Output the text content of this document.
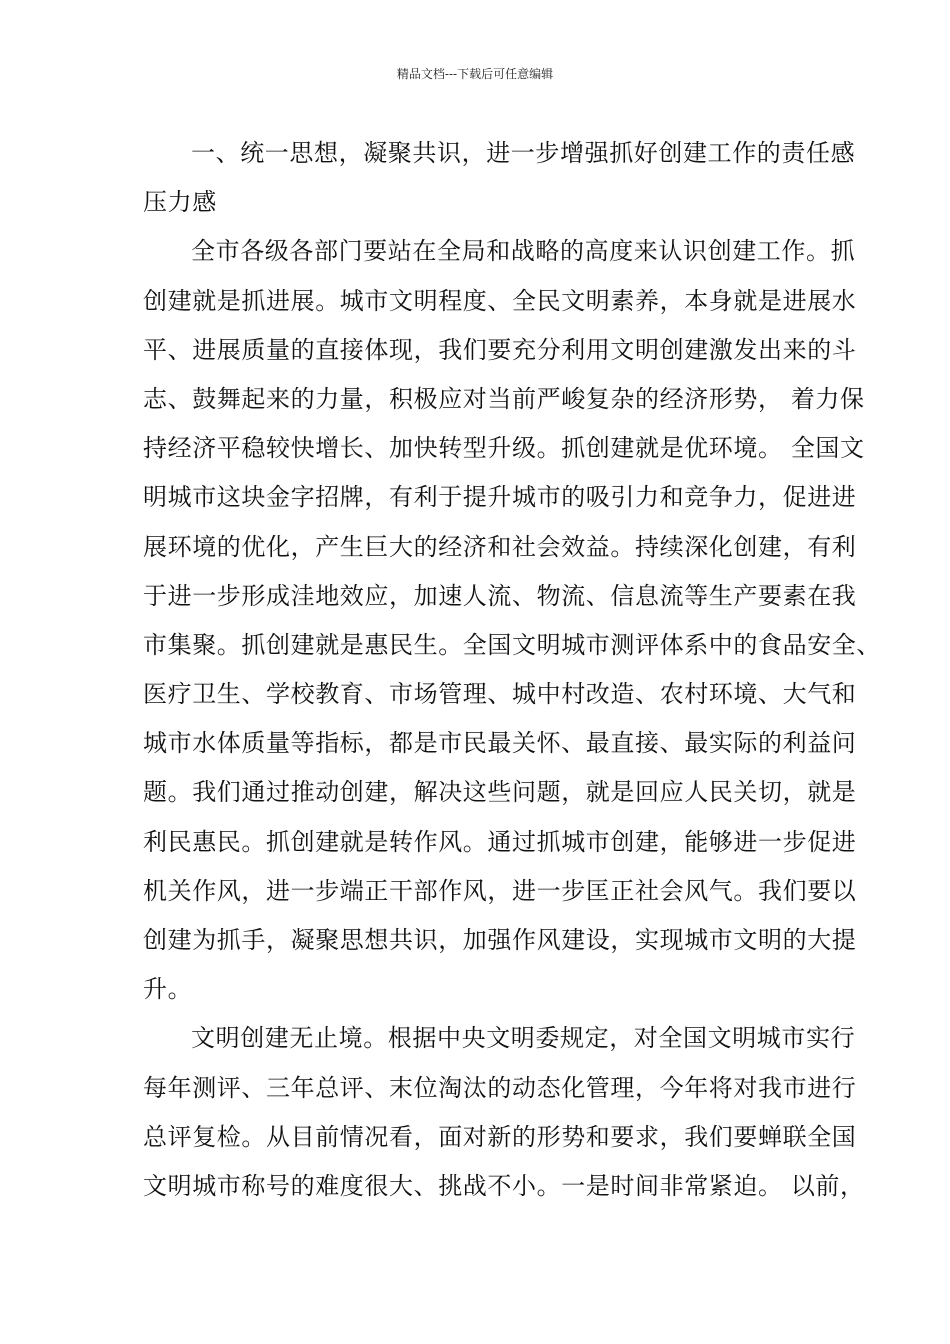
精品文档---下载后可任意编辑
一、统一思想，凝聚共识，进一步增强抓好创建工作的责任感
压力感
全市各级各部门要站在全局和战略的高度来认识创建工作。抓
创建就是抓进展。城市文明程度、全民文明素养，本身就是进展水
平、进展质量的直接体现，我们要充分利用文明创建激发出来的斗
志、鼓舞起来的力量，积极应对当前严峻复杂的经济形势， 着力保
持经济平稳较快增长、加快转型升级。抓创建就是优环境。 全国文
明城市这块金字招牌，有利于提升城市的吸引力和竞争力，促进进
展环境的优化，产生巨大的经济和社会效益。持续深化创建，有利
于进一步形成洼地效应，加速人流、物流、信息流等生产要素在我
市集聚。抓创建就是惠民生。全国文明城市测评体系中的食品安全、
医疗卫生、学校教育、市场管理、城中村改造、农村环境、大气和
城市水体质量等指标，都是市民最关怀、最直接、最实际的利益问
题。我们通过推动创建，解决这些问题，就是回应人民关切，就是
利民惠民。抓创建就是转作风。通过抓城市创建，能够进一步促进
机关作风，进一步端正干部作风，进一步匡正社会风气。我们要以
创建为抓手，凝聚思想共识，加强作风建设，实现城市文明的大提
升。
文明创建无止境。根据中央文明委规定，对全国文明城市实行
每年测评、三年总评、末位淘汰的动态化管理，今年将对我市进行
总评复检。从目前情况看，面对新的形势和要求，我们要蝉联全国
文明城市称号的难度很大、挑战不小。一是时间非常紧迫。 以前，
